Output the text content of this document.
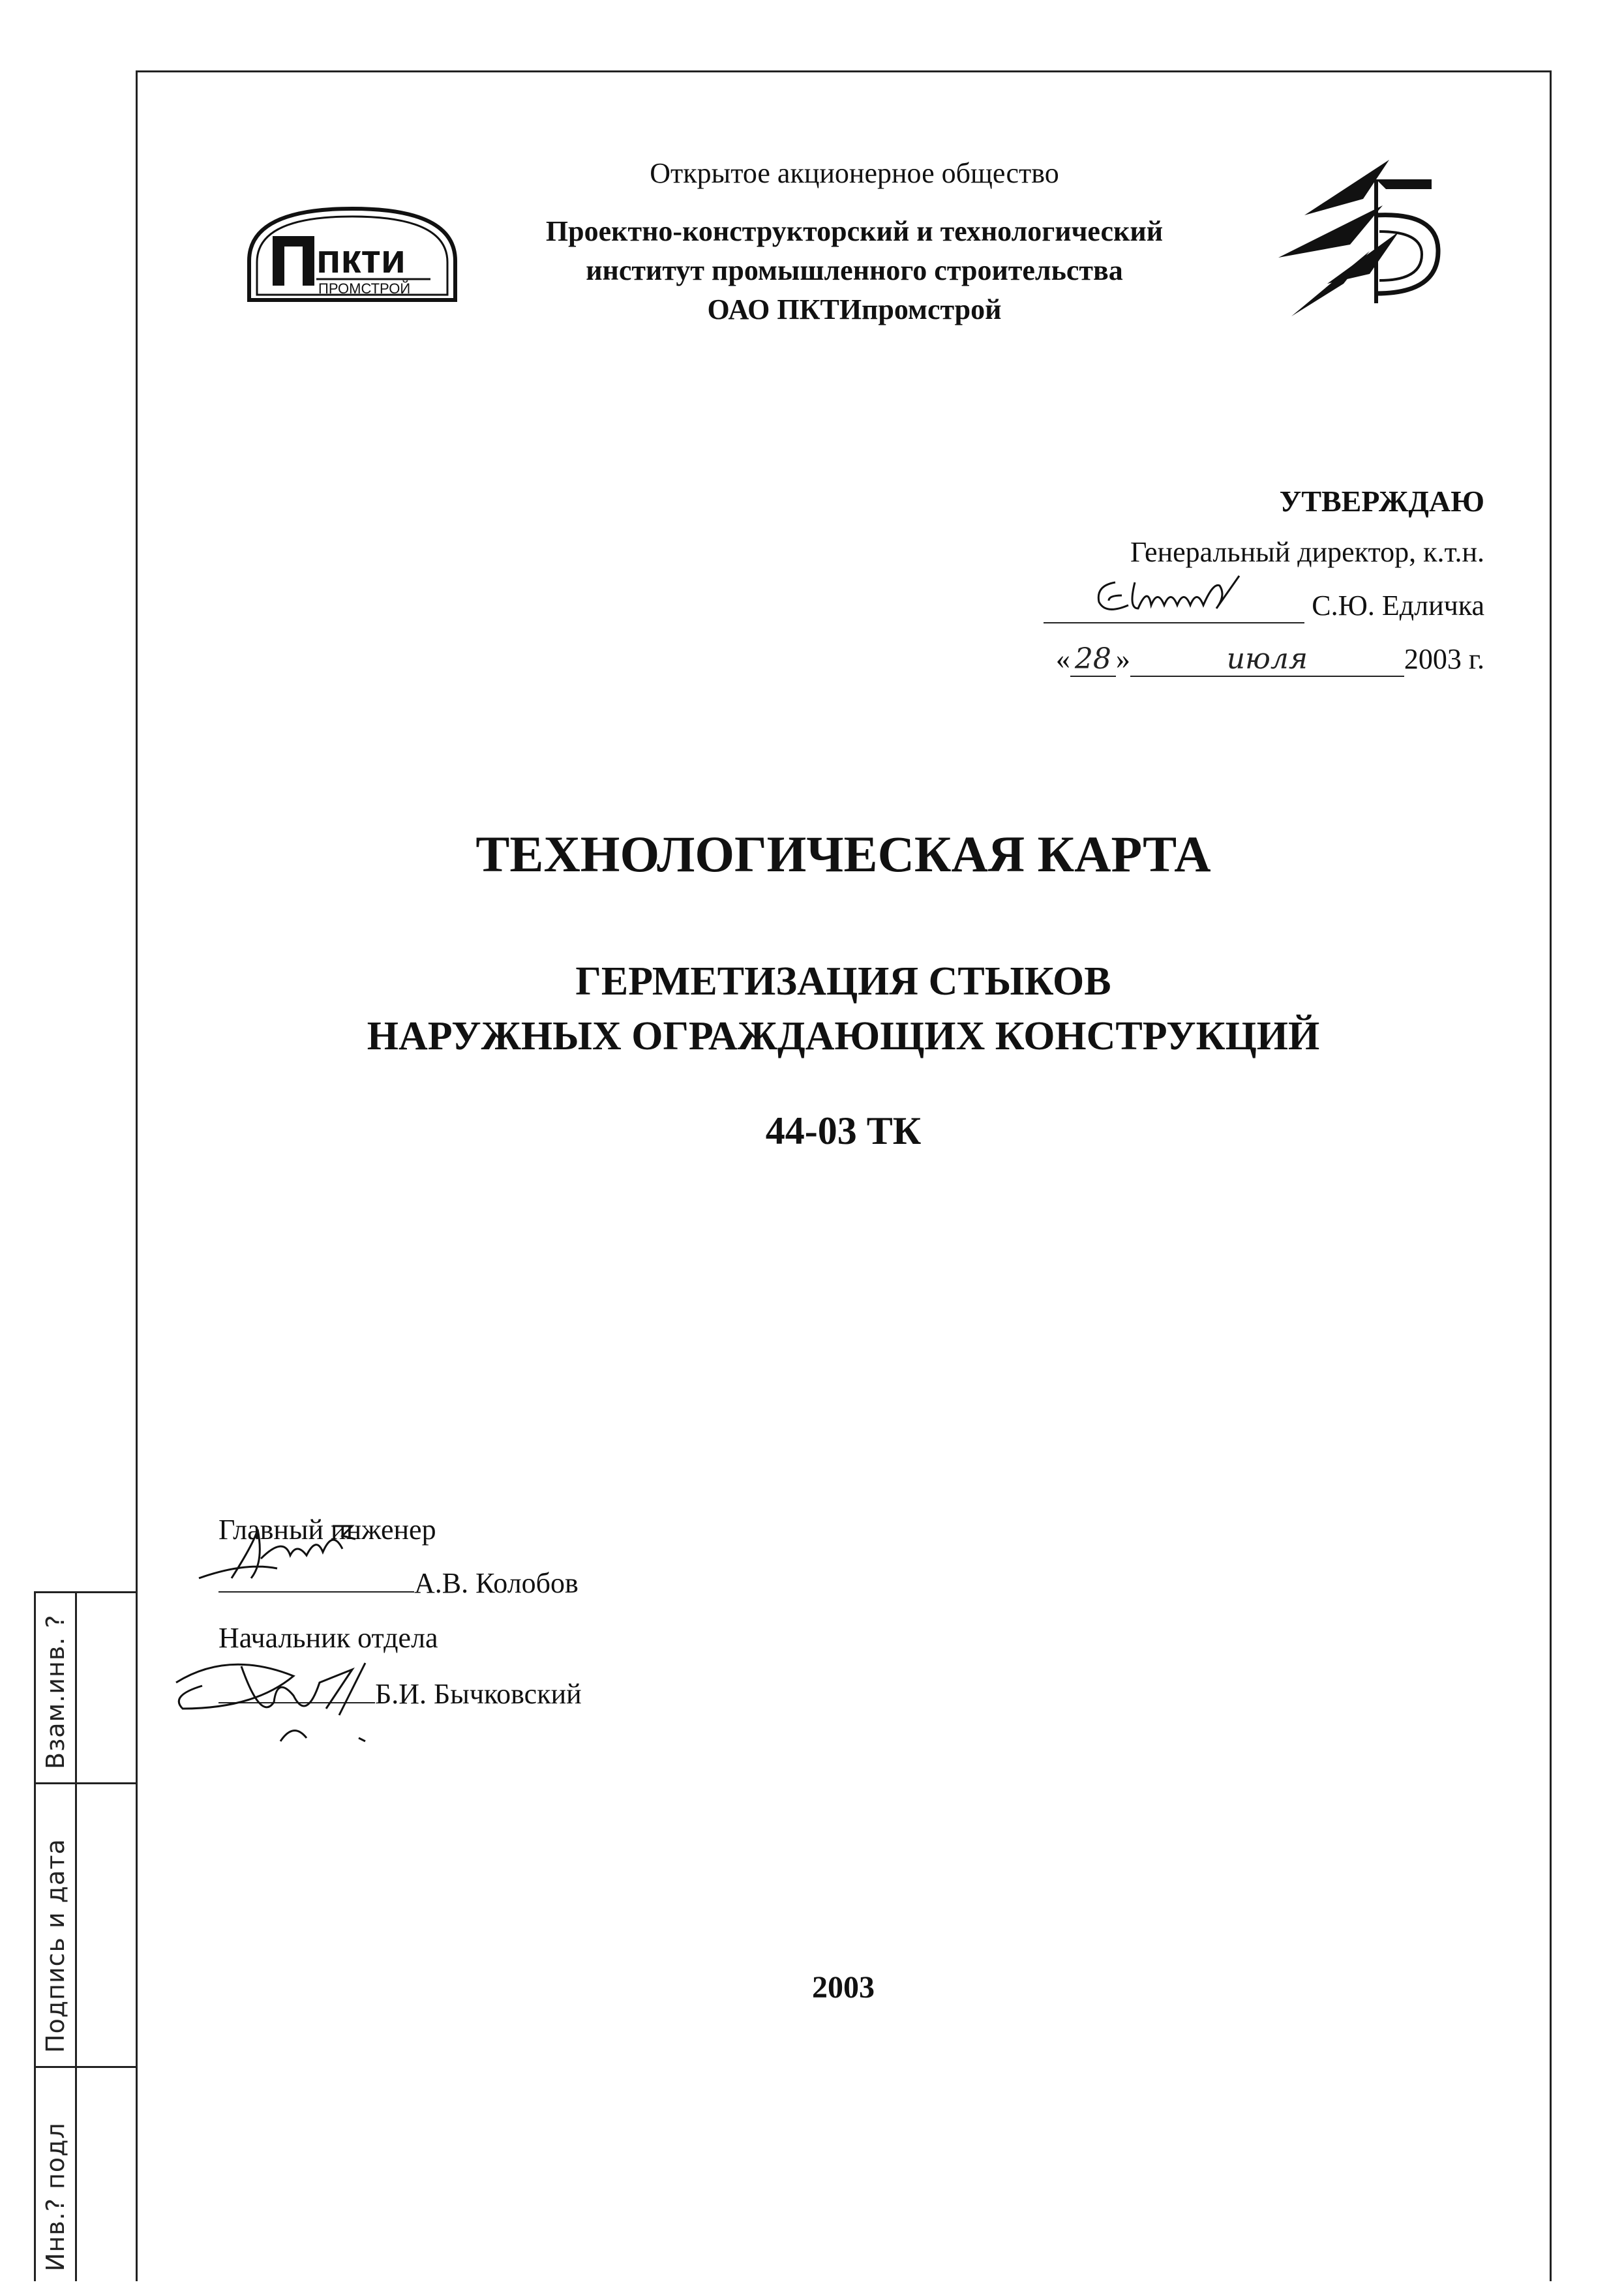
пкти
ПРОМСТРОЙ
Открытое акционерное общество
Проектно-конструкторский и технологический
институт промышленного строительства
ОАО ПКТИпромстрой
УТВЕРЖДАЮ
Генеральный директор, к.т.н.
С.Ю. Едличка
« 28 »	июля	2003 г.
ТЕХНОЛОГИЧЕСКАЯ КАРТА
ГЕРМЕТИЗАЦИЯ СТЫКОВ
НАРУЖНЫХ ОГРАЖДАЮЩИХ КОНСТРУКЦИЙ
44-03 ТК
Главный инженер
А.В. Колобов
Начальник отдела
Б.И. Бычковский
2003
Взам.инв. ?
Подпись и дата
Инв.? подл
